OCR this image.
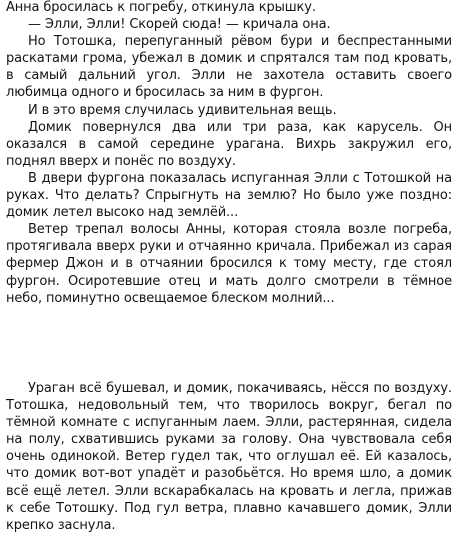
Анна бросилась к погребу, откинула крышку.

— Элли, Элли! Скорей сюда! — кричала она.

Но Тотошка, перепуганный рёвом бури и беспрестанными раскатами грома, убежал в домик и спрятался там под кровать, в самый дальний угол. Элли не захотела оставить своего любимца одного и бросилась за ним в фургон.

И в это время случилась удивительная вещь.

Домик повернулся два или три раза, как карусель. Он оказался в самой середине урагана. Вихрь закружил его, поднял вверх и понёс по воздуху.

В двери фургона показалась испуганная Элли с Тотошкой на руках. Что делать? Спрыгнуть на землю? Но было уже поздно: домик летел высоко над землёй...

Ветер трепал волосы Анны, которая стояла возле погреба, протягивала вверх руки и отчаянно кричала. Прибежал из сарая фермер Джон и в отчаянии бросился к тому месту, где стоял фургон. Осиротевшие отец и мать долго смотрели в тёмное небо, поминутно освещаемое блеском молний...

Ураган всё бушевал, и домик, покачиваясь, нёсся по воздуху. Тотошка, недовольный тем, что творилось вокруг, бегал по тёмной комнате с испуганным лаем. Элли, растерянная, сидела на полу, схватившись руками за голову. Она чувствовала себя очень одинокой. Ветер гудел так, что оглушал её. Ей казалось, что домик вот-вот упадёт и разобьётся. Но время шло, а домик всё ещё летел. Элли вскарабкалась на кровать и легла, прижав к себе Тотошку. Под гул ветра, плавно качавшего домик, Элли крепко заснула.
